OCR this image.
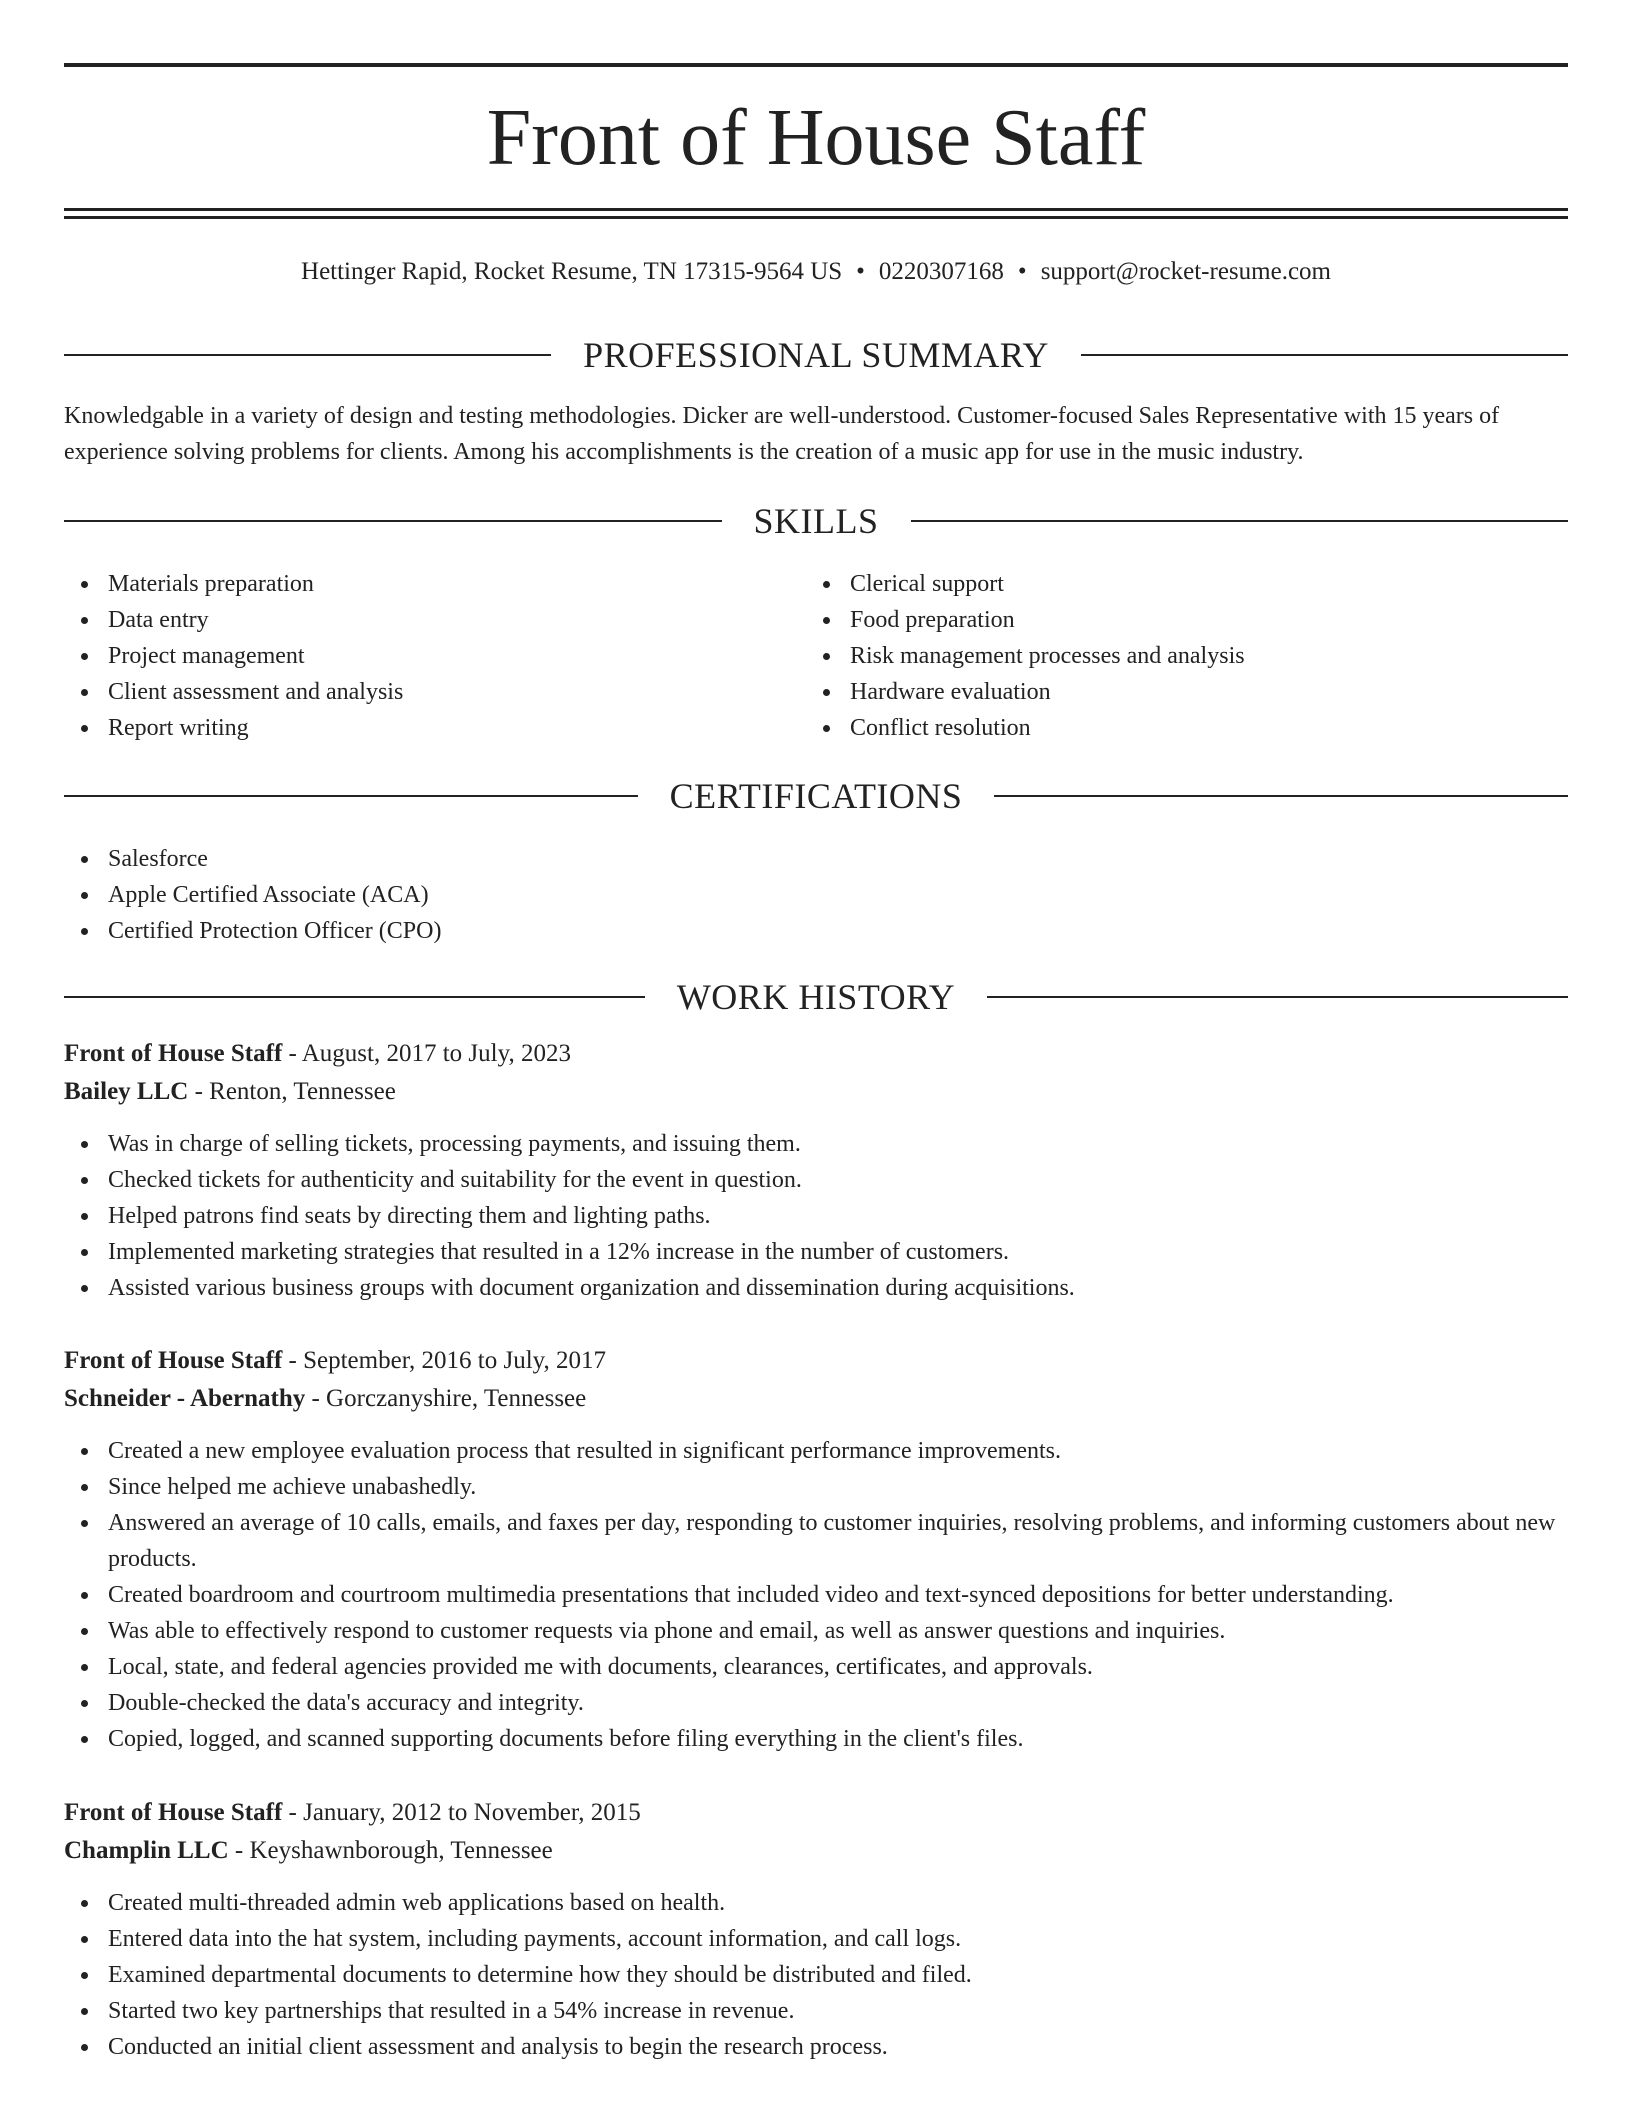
Front of House Staff
Hettinger Rapid, Rocket Resume, TN 17315-9564 US • 0220307168 • support@rocket-resume.com
PROFESSIONAL SUMMARY

Knowledgable in a variety of design and testing methodologies. Dicker are well-understood. Customer-focused Sales Representative with 15 years of experience solving problems for clients. Among his accomplishments is the creation of a music app for use in the music industry.

SKILLS
Materials preparation
Data entry
Project management
Client assessment and analysis
Report writing
Clerical support
Food preparation
Risk management processes and analysis
Hardware evaluation
Conflict resolution
CERTIFICATIONS
Salesforce
Apple Certified Associate (ACA)
Certified Protection Officer (CPO)
WORK HISTORY
Front of House Staff - August, 2017 to July, 2023
Bailey LLC - Renton, Tennessee
Was in charge of selling tickets, processing payments, and issuing them.
Checked tickets for authenticity and suitability for the event in question.
Helped patrons find seats by directing them and lighting paths.
Implemented marketing strategies that resulted in a 12% increase in the number of customers.
Assisted various business groups with document organization and dissemination during acquisitions.
Front of House Staff - September, 2016 to July, 2017
Schneider - Abernathy - Gorczanyshire, Tennessee
Created a new employee evaluation process that resulted in significant performance improvements.
Since helped me achieve unabashedly.
Answered an average of 10 calls, emails, and faxes per day, responding to customer inquiries, resolving problems, and informing customers about new products.
Created boardroom and courtroom multimedia presentations that included video and text-synced depositions for better understanding.
Was able to effectively respond to customer requests via phone and email, as well as answer questions and inquiries.
Local, state, and federal agencies provided me with documents, clearances, certificates, and approvals.
Double-checked the data's accuracy and integrity.
Copied, logged, and scanned supporting documents before filing everything in the client's files.
Front of House Staff - January, 2012 to November, 2015
Champlin LLC - Keyshawnborough, Tennessee
Created multi-threaded admin web applications based on health.
Entered data into the hat system, including payments, account information, and call logs.
Examined departmental documents to determine how they should be distributed and filed.
Started two key partnerships that resulted in a 54% increase in revenue.
Conducted an initial client assessment and analysis to begin the research process.
